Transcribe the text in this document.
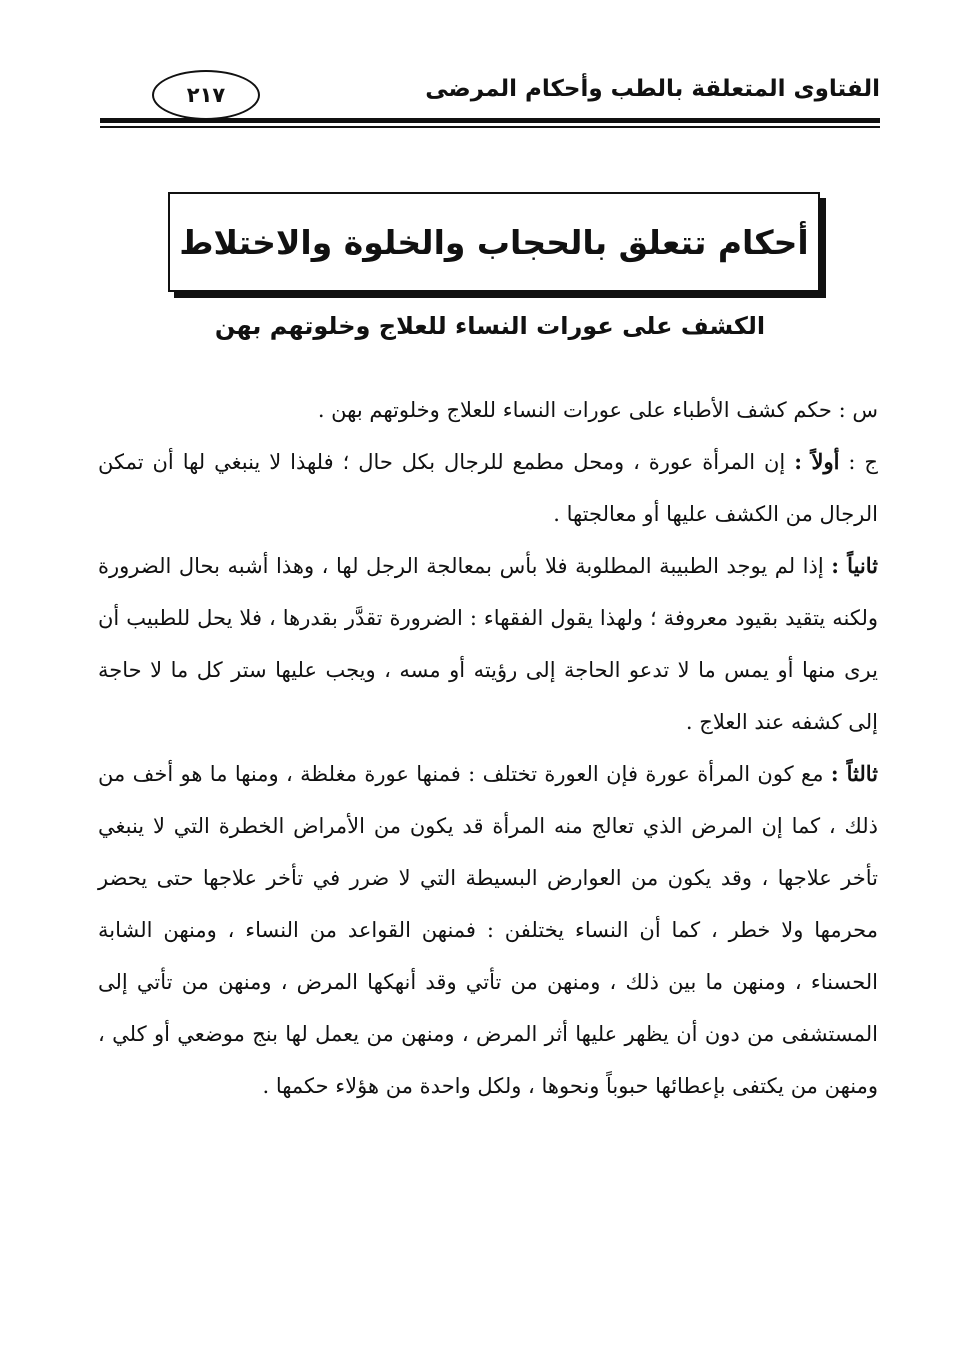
الفتاوى المتعلقة بالطب وأحكام المرضى
٢١٧
أحكام تتعلق بالحجاب والخلوة والاختلاط
الكشف على عورات النساء للعلاج وخلوتهم بهن

س : حكم كشف الأطباء على عورات النساء للعلاج وخلوتهم بهن .

ج : أولاً : إن المرأة عورة ، ومحل مطمع للرجال بكل حال ؛ فلهذا لا ينبغي لها أن تمكن الرجال من الكشف عليها أو معالجتها .

ثانياً : إذا لم يوجد الطبيبة المطلوبة فلا بأس بمعالجة الرجل لها ، وهذا أشبه بحال الضرورة ولكنه يتقيد بقيود معروفة ؛ ولهذا يقول الفقهاء : الضرورة تقدَّر بقدرها ، فلا يحل للطبيب أن يرى منها أو يمس ما لا تدعو الحاجة إلى رؤيته أو مسه ، ويجب عليها ستر كل ما لا حاجة إلى كشفه عند العلاج .

ثالثاً : مع كون المرأة عورة فإن العورة تختلف : فمنها عورة مغلظة ، ومنها ما هو أخف من ذلك ، كما إن المرض الذي تعالج منه المرأة قد يكون من الأمراض الخطرة التي لا ينبغي تأخر علاجها ، وقد يكون من العوارض البسيطة التي لا ضرر في تأخر علاجها حتى يحضر محرمها ولا خطر ، كما أن النساء يختلفن : فمنهن القواعد من النساء ، ومنهن الشابة الحسناء ، ومنهن ما بين ذلك ، ومنهن من تأتي وقد أنهكها المرض ، ومنهن من تأتي إلى المستشفى من دون أن يظهر عليها أثر المرض ، ومنهن من يعمل لها بنج موضعي أو كلي ، ومنهن من يكتفى بإعطائها حبوباً ونحوها ، ولكل واحدة من هؤلاء حكمها .
